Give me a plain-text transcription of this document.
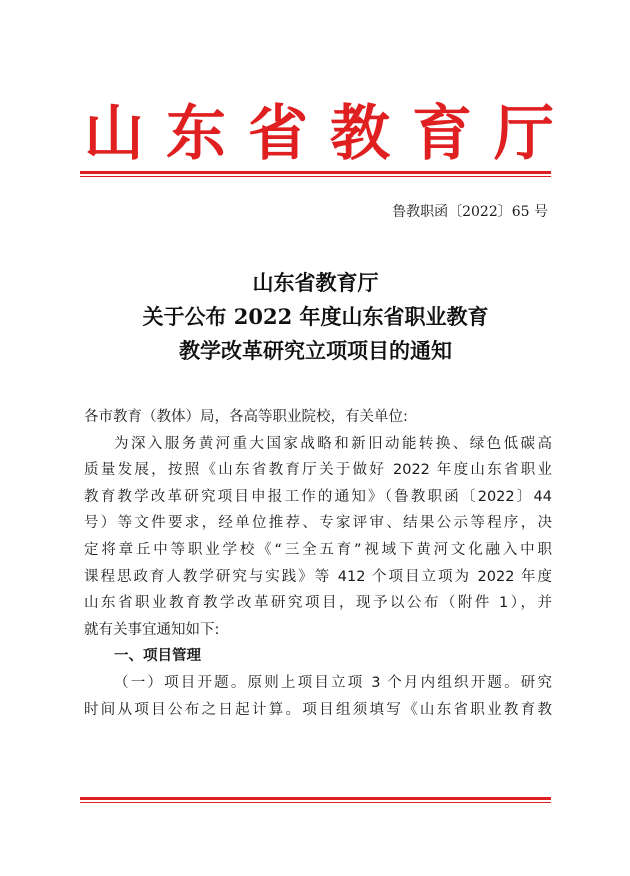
山 东 省 教 育 厅
鲁教职函〔2022〕65 号
山东省教育厅
关于公布 2022 年度山东省职业教育
教学改革研究立项项目的通知
各市教育（教体）局，各高等职业院校，有关单位:
为深入服务黄河重大国家战略和新旧动能转换、绿色低碳高
质量发展，按照《山东省教育厅关于做好 2022 年度山东省职业
教育教学改革研究项目申报工作的通知》（鲁教职函〔2022〕44
号）等文件要求，经单位推荐、专家评审、结果公示等程序，决
定将章丘中等职业学校《“三全五育”视域下黄河文化融入中职
课程思政育人教学研究与实践》等 412 个项目立项为 2022 年度
山东省职业教育教学改革研究项目，现予以公布（附件 1），并
就有关事宜通知如下:
一、项目管理
（一）项目开题。原则上项目立项 3 个月内组织开题。研究
时间从项目公布之日起计算。项目组须填写《山东省职业教育教
